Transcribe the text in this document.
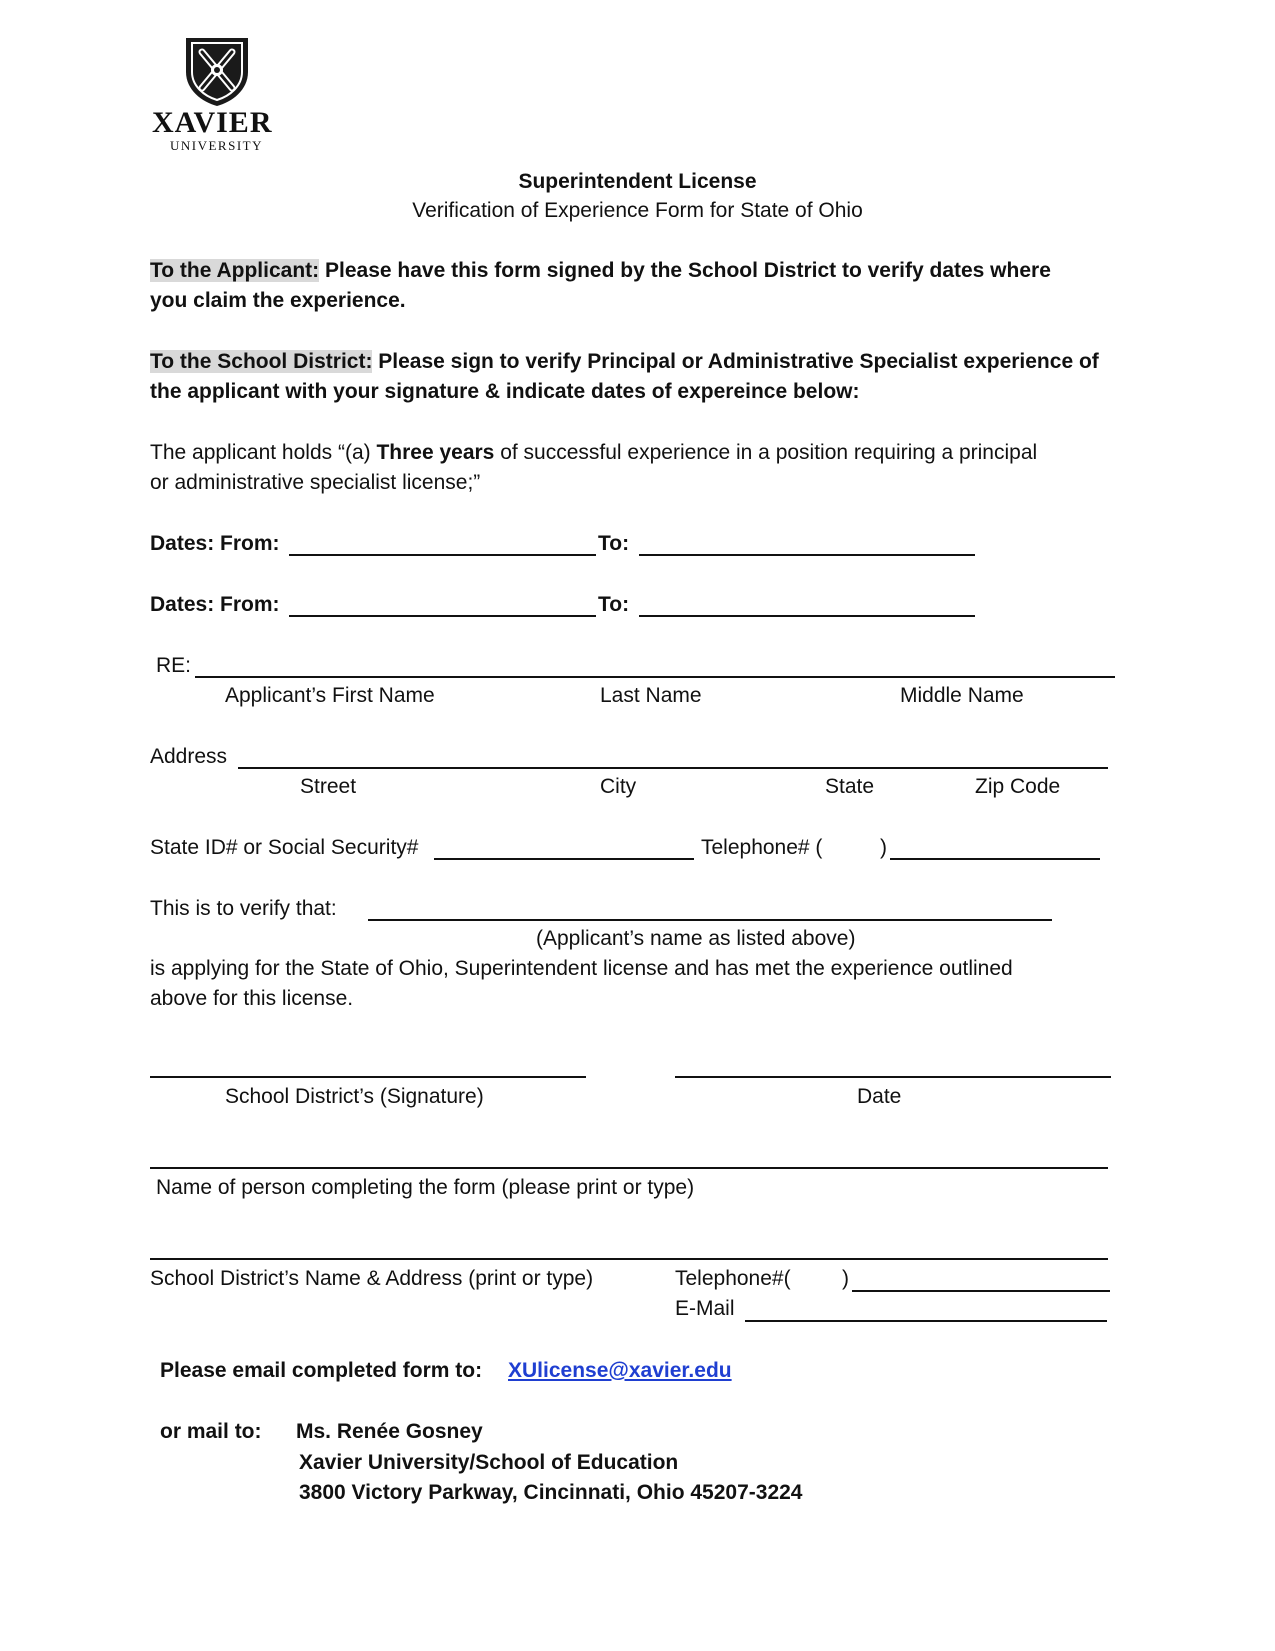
XAVIER
UNIVERSITY
Superintendent License
Verification of Experience Form for State of Ohio
To the Applicant: Please have this form signed by the School District to verify dates where
you claim the experience.
To the School District: Please sign to verify Principal or Administrative Specialist experience of
the applicant with your signature & indicate dates of expereince below:
The applicant holds “(a) Three years of successful experience in a position requiring a principal
or administrative specialist license;”
Dates: From:	To:
Dates: From:	To:
RE:
Applicant’s First Name	Last Name	Middle Name
Address
Street	City	State	Zip Code
State ID# or Social Security#	Telephone# (	)
This is to verify that:
(Applicant’s name as listed above)
is applying for the State of Ohio, Superintendent license and has met the experience outlined
above for this license.
School District’s (Signature)	Date
Name of person completing the form (please print or type)
School District’s Name & Address (print or type)	Telephone#( )
E-Mail
Please email completed form to: XUlicense@xavier.edu
or mail to: Ms. Renée Gosney
Xavier University/School of Education
3800 Victory Parkway, Cincinnati, Ohio 45207-3224
